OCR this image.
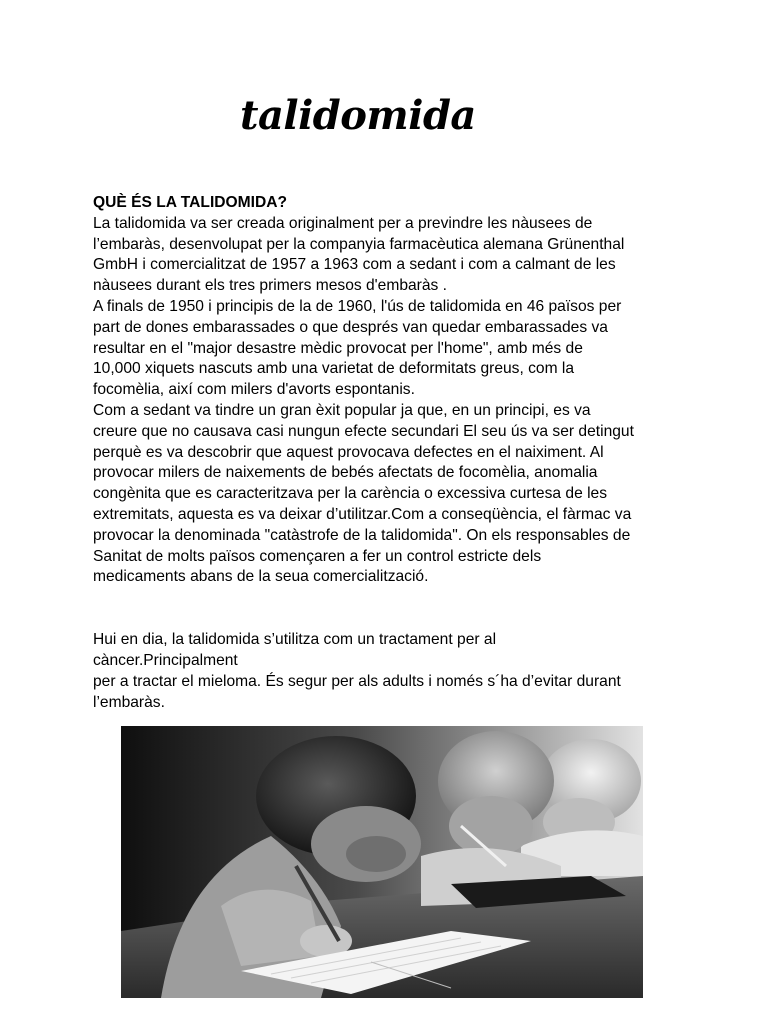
talidomida

QUÈ ÉS LA TALIDOMIDA?

La talidomida va ser creada originalment per a previndre les nàusees de

l’embaràs, desenvolupat per la companyia farmacèutica alemana Grünenthal

GmbH i comercialitzat de 1957 a 1963 com a sedant i com a calmant de les

nàusees durant els tres primers mesos d'embaràs .

A finals de 1950 i principis de la de 1960, l'ús de talidomida en 46 països per

part de dones embarassades o que després van quedar embarassades va

resultar en el "major desastre mèdic provocat per l'home", amb més de

10,000 xiquets nascuts amb una varietat de deformitats greus, com la

focomèlia, així com milers d'avorts espontanis.

Com a sedant va tindre un gran èxit popular ja que, en un principi, es va

creure que no causava casi nungun efecte secundari El seu ús va ser detingut

perquè es va descobrir que aquest provocava defectes en el naiximent. Al

provocar milers de naixements de bebés afectats de focomèlia, anomalia

congènita que es caracteritzava per la carència o excessiva curtesa de les

extremitats, aquesta es va deixar d’utilitzar.Com a conseqüència, el fàrmac va

provocar la denominada "catàstrofe de la talidomida". On els responsables de

Sanitat de molts països començaren a fer un control estricte dels

medicaments abans de la seua comercialització.

Hui en dia, la talidomida s’utilitza com un tractament per al

càncer.Principalment

per a tractar el mieloma. És segur per als adults i només s´ha d’evitar durant

l’embaràs.
